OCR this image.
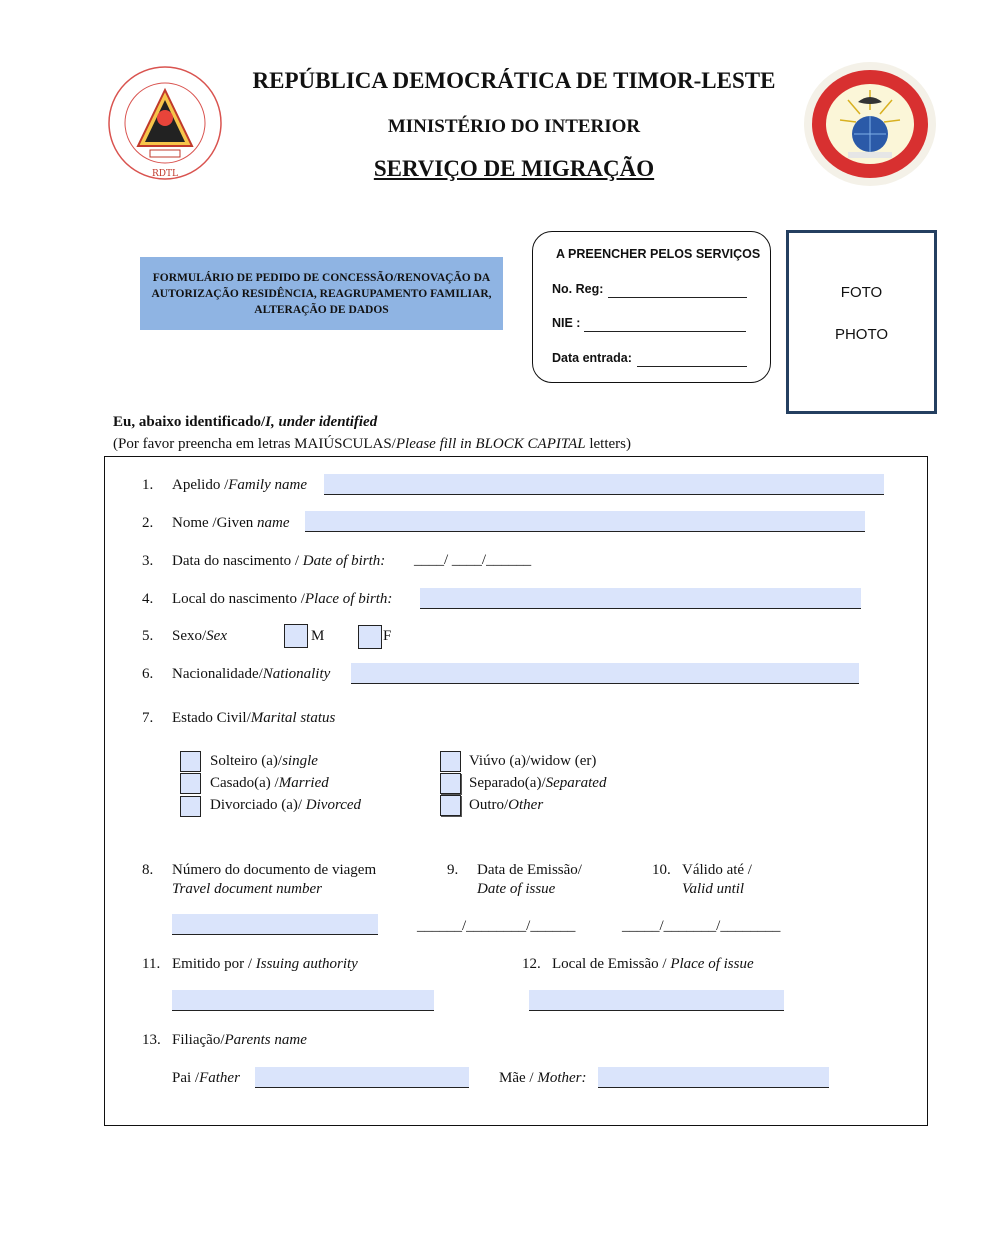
REPÚBLICA DEMOCRÁTICA DE TIMOR-LESTE
MINISTÉRIO DO INTERIOR
SERVIÇO DE MIGRAÇÃO
RDTL
FORMULÁRIO DE PEDIDO DE CONCESSÃO/RENOVAÇÃO DA AUTORIZAÇÃO RESIDÊNCIA, REAGRUPAMENTO FAMILIAR, ALTERAÇÃO DE DADOS
A PREENCHER PELOS SERVIÇOS
No. Reg:
NIE :
Data entrada:
FOTO
PHOTO
Eu, abaixo identificado/I, under identified
(Por favor preencha em letras MAIÚSCULAS/Please fill in BLOCK CAPITAL letters)
1. Apelido /Family name
2. Nome /Given name
3. Data do nascimento / Date of birth: ____/ ____/______
4. Local do nascimento /Place of birth:
5. Sexo/Sex	M	F
6. Nacionalidade/Nationality
7. Estado Civil/Marital status
Solteiro (a)/single
Casado(a) /Married
Divorciado (a)/ Divorced
Viúvo (a)/widow (er)
Separado(a)/Separated
Outro/Other
8. Número do documento de viagem
Travel document number
9. Data de Emissão/
Date of issue
______/________/______
10. Válido até /
Valid until
_____/_______/________
11. Emitido por / Issuing authority	12. Local de Emissão / Place of issue
13. Filiação/Parents name
Pai /Father	Mãe / Mother:
